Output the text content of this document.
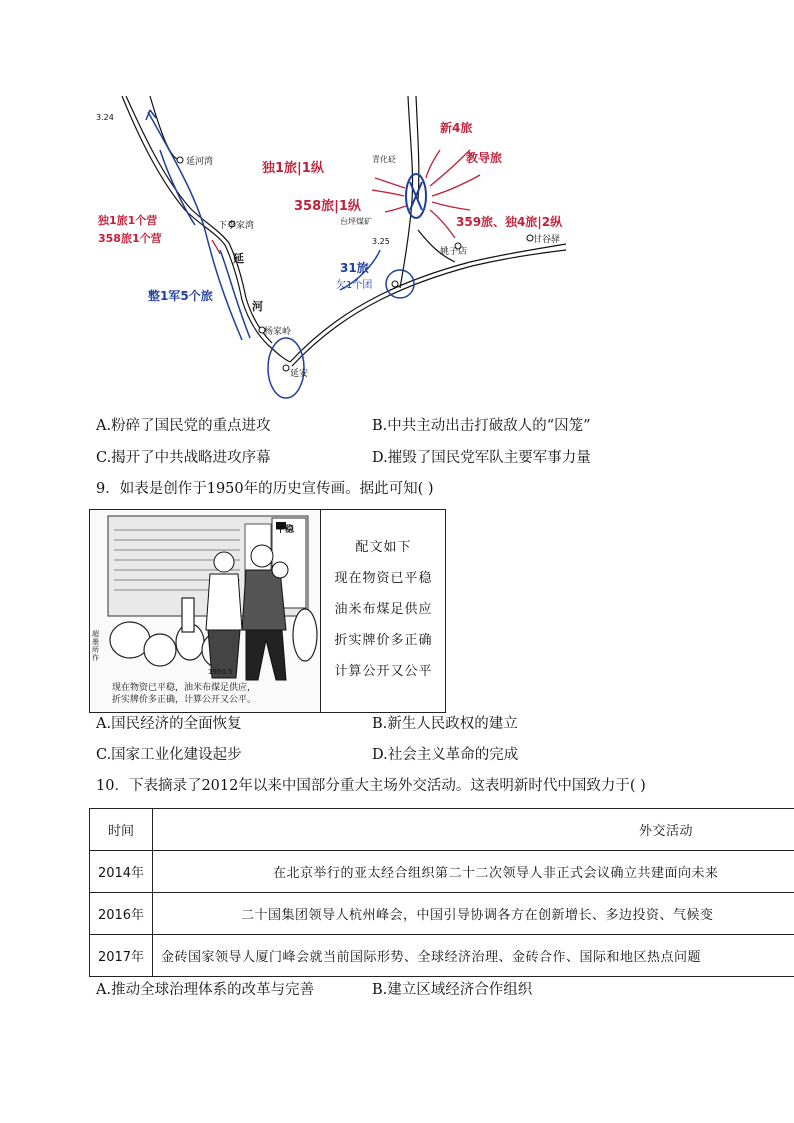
3.24
延河湾
下李家湾
延
河
杨家岭
延安
青化砭
台坪煤矿
3.25
姚子店
甘谷驿
独1旅1个营
358旅1个营
独1旅|1纵
358旅|1纵
新4旅
教导旅
359旅、独4旅|2纵
整1军5个旅
31旅
欠1个团
A.粉碎了国民党的重点进攻	B.中共主动出击打破敌人的“囚笼”
C.揭开了中共战略进攻序幕	D.摧毁了国民党军队主要军事力量
9．如表是创作于1950年的历史宣传画。据此可知( )
平稳
超墨所作
1950.5
现在物资已平稳，油米布煤足供应，
折实牌价多正确，计算公开又公平。
配文如下
现在物资已平稳
油米布煤足供应
折实牌价多正确
计算公开又公平
A.国民经济的全面恢复	B.新生人民政权的建立
C.国家工业化建设起步	D.社会主义革命的完成
10．下表摘录了2012年以来中国部分重大主场外交活动。这表明新时代中国致力于( )
时间	外交活动
2014年	在北京举行的亚太经合组织第二十二次领导人非正式会议确立共建面向未来
2016年	二十国集团领导人杭州峰会，中国引导协调各方在创新增长、多边投资、气候变
2017年	金砖国家领导人厦门峰会就当前国际形势、全球经济治理、金砖合作、国际和地区热点问题
A.推动全球治理体系的改革与完善	B.建立区域经济合作组织
